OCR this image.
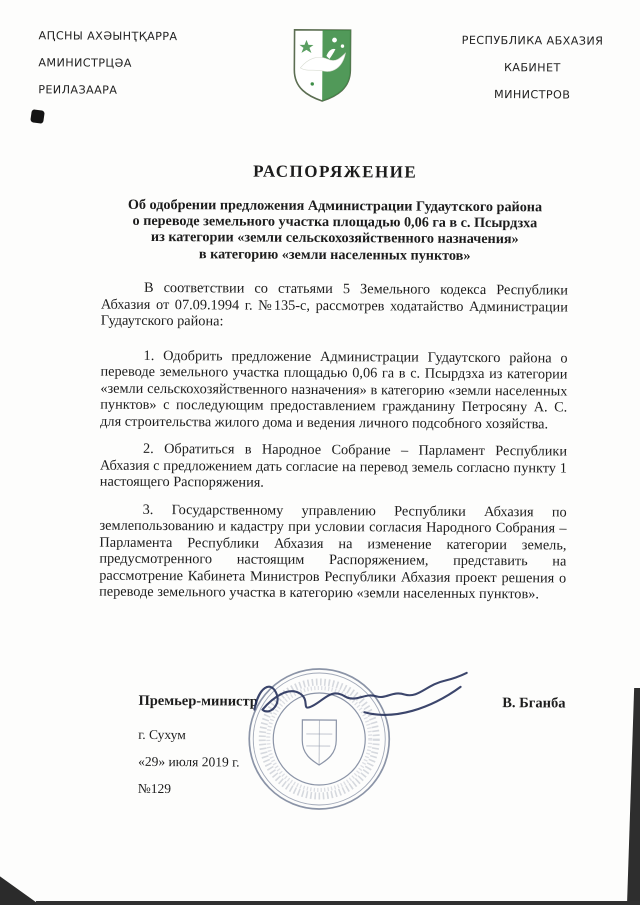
АԤСНЫ АХӘЫНҬҚАРРА
АМИНИСТРЦӘА
РЕИЛАЗААРА
РЕСПУБЛИКА АБХАЗИЯ
КАБИНЕТ
МИНИСТРОВ
РАСПОРЯЖЕНИЕ
Об одобрении предложения Администрации Гудаутского района
о переводе земельного участка площадью 0,06 га в с. Псырдзха
из категории «земли сельскохозяйственного назначения»
в категорию «земли населенных пунктов»

В соответствии со статьями 5 Земельного кодекса Республики Абхазия от 07.09.1994 г. №135-с, рассмотрев ходатайство Администрации Гудаутского района:

1. Одобрить предложение Администрации Гудаутского района о переводе земельного участка площадью 0,06 га в с. Псырдзха из категории «земли сельскохозяйственного назначения» в категорию «земли населенных пунктов» с последующим предоставлением гражданину Петросяну А. С. для строительства жилого дома и ведения личного подсобного хозяйства.

2. Обратиться в Народное Собрание – Парламент Республики Абхазия с предложением дать согласие на перевод земель согласно пункту 1 настоящего Распоряжения.

3. Государственному управлению Республики Абхазия по землепользованию и кадастру при условии согласия Народного Собрания – Парламента Республики Абхазия на изменение категории земель, предусмотренного настоящим Распоряжением, представить на рассмотрение Кабинета Министров Республики Абхазия проект решения о переводе земельного участка в категорию «земли населенных пунктов».

Премьер-министр	В. Бганба
г. Сухум
«29» июля 2019 г.
№129
